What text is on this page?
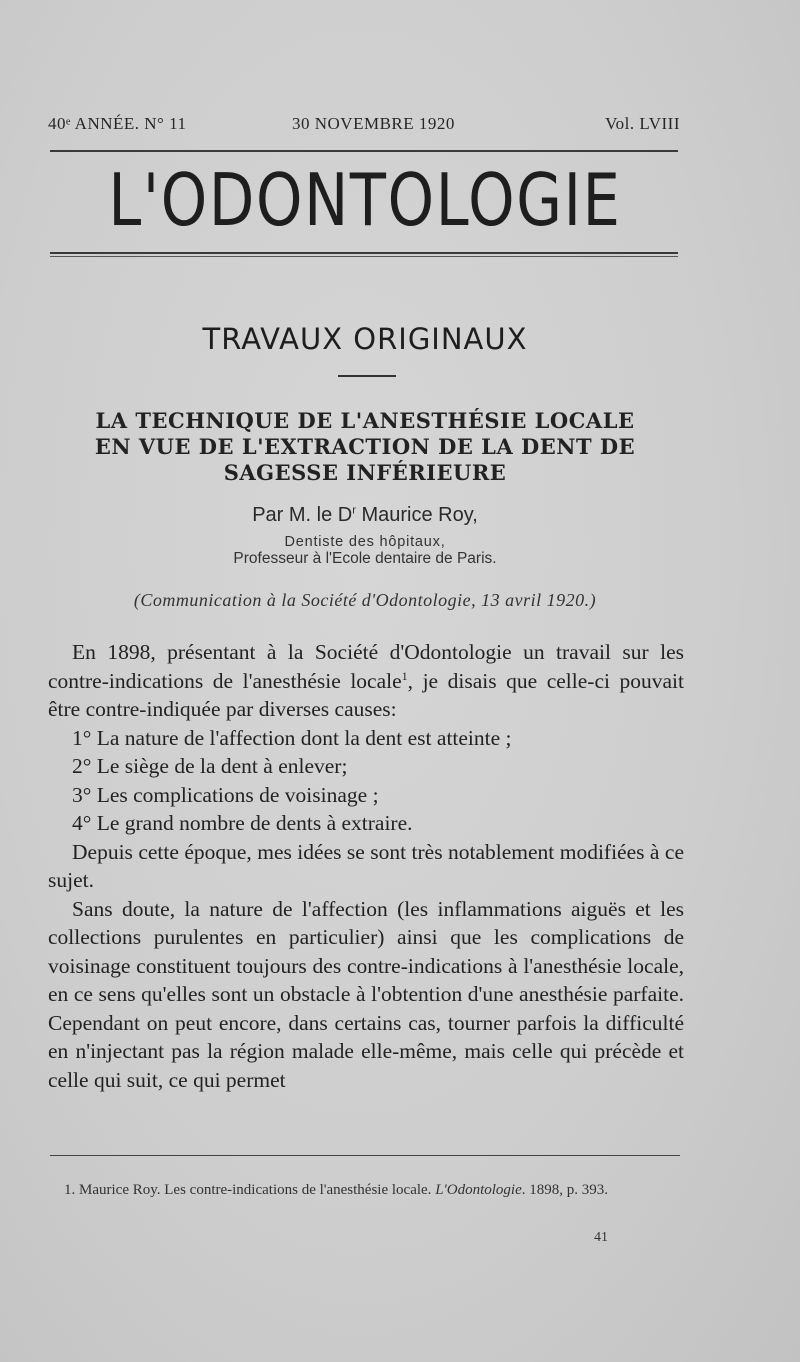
40ᵉ ANNÉE. N° 11	30 NOVEMBRE 1920	Vol. LVIII
L'ODONTOLOGIE
TRAVAUX ORIGINAUX
LA TECHNIQUE DE L'ANESTHÉSIE LOCALE
EN VUE DE L'EXTRACTION DE LA DENT DE
SAGESSE INFÉRIEURE
Par M. le $D^r$ Maurice Roy,
Dentiste des hôpitaux,
Professeur à l'Ecole dentaire de Paris.
(Communication à la Société d'Odontologie, 13 avril 1920.)

En 1898, présentant à la Société d'Odontologie un travail sur les contre-indications de l'anesthésie locale$^1$, je disais que celle-ci pouvait être contre-indiquée par diverses causes:

1° La nature de l'affection dont la dent est atteinte ;

2° Le siège de la dent à enlever;

3° Les complications de voisinage ;

4° Le grand nombre de dents à extraire.

Depuis cette époque, mes idées se sont très notablement modifiées à ce sujet.

Sans doute, la nature de l'affection (les inflammations aiguës et les collections purulentes en particulier) ainsi que les complications de voisinage constituent toujours des contre-indications à l'anesthésie locale, en ce sens qu'elles sont un obstacle à l'obtention d'une anesthésie parfaite. Cependant on peut encore, dans certains cas, tourner parfois la difficulté en n'injectant pas la région malade elle-même, mais celle qui précède et celle qui suit, ce qui permet

1. Maurice Roy. Les contre-indications de l'anesthésie locale. L'Odontologie. 1898, p. 393.
41
